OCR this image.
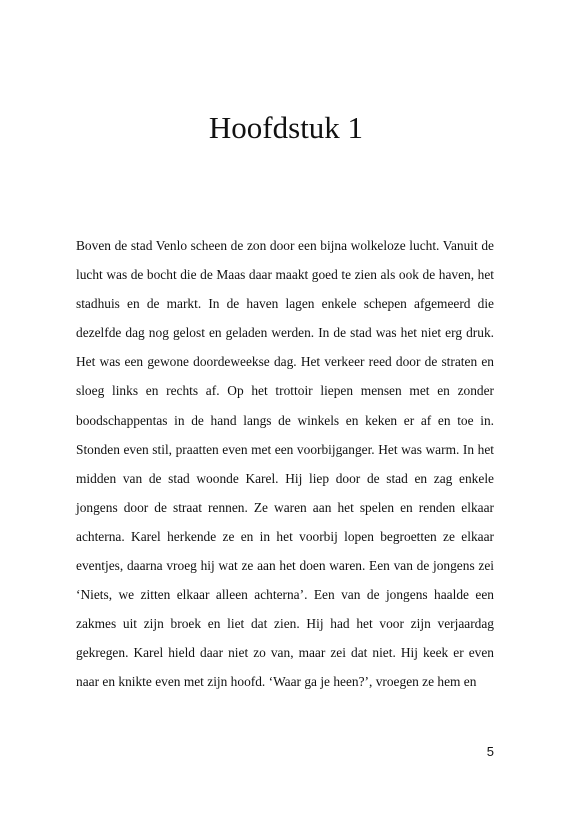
Hoofdstuk 1
Boven de stad Venlo scheen de zon door een bijna wolkeloze lucht. Vanuit de
lucht was de bocht die de Maas daar maakt goed te zien als ook de haven, het
stadhuis en de markt. In de haven lagen enkele schepen afgemeerd die
dezelfde dag nog gelost en geladen werden. In de stad was het niet erg druk.
Het was een gewone doordeweekse dag. Het verkeer reed door de straten en
sloeg links en rechts af. Op het trottoir liepen mensen met en zonder
boodschappentas in de hand langs de winkels en keken er af en toe in.
Stonden even stil, praatten even met een voorbijganger. Het was warm. In het
midden van de stad woonde Karel. Hij liep door de stad en zag enkele
jongens door de straat rennen. Ze waren aan het spelen en renden elkaar
achterna. Karel herkende ze en in het voorbij lopen begroetten ze elkaar
eventjes, daarna vroeg hij wat ze aan het doen waren. Een van de jongens zei
‘Niets, we zitten elkaar alleen achterna’. Een van de jongens haalde een
zakmes uit zijn broek en liet dat zien. Hij had het voor zijn verjaardag
gekregen. Karel hield daar niet zo van, maar zei dat niet. Hij keek er even
naar en knikte even met zijn hoofd. ‘Waar ga je heen?’, vroegen ze hem en
5
